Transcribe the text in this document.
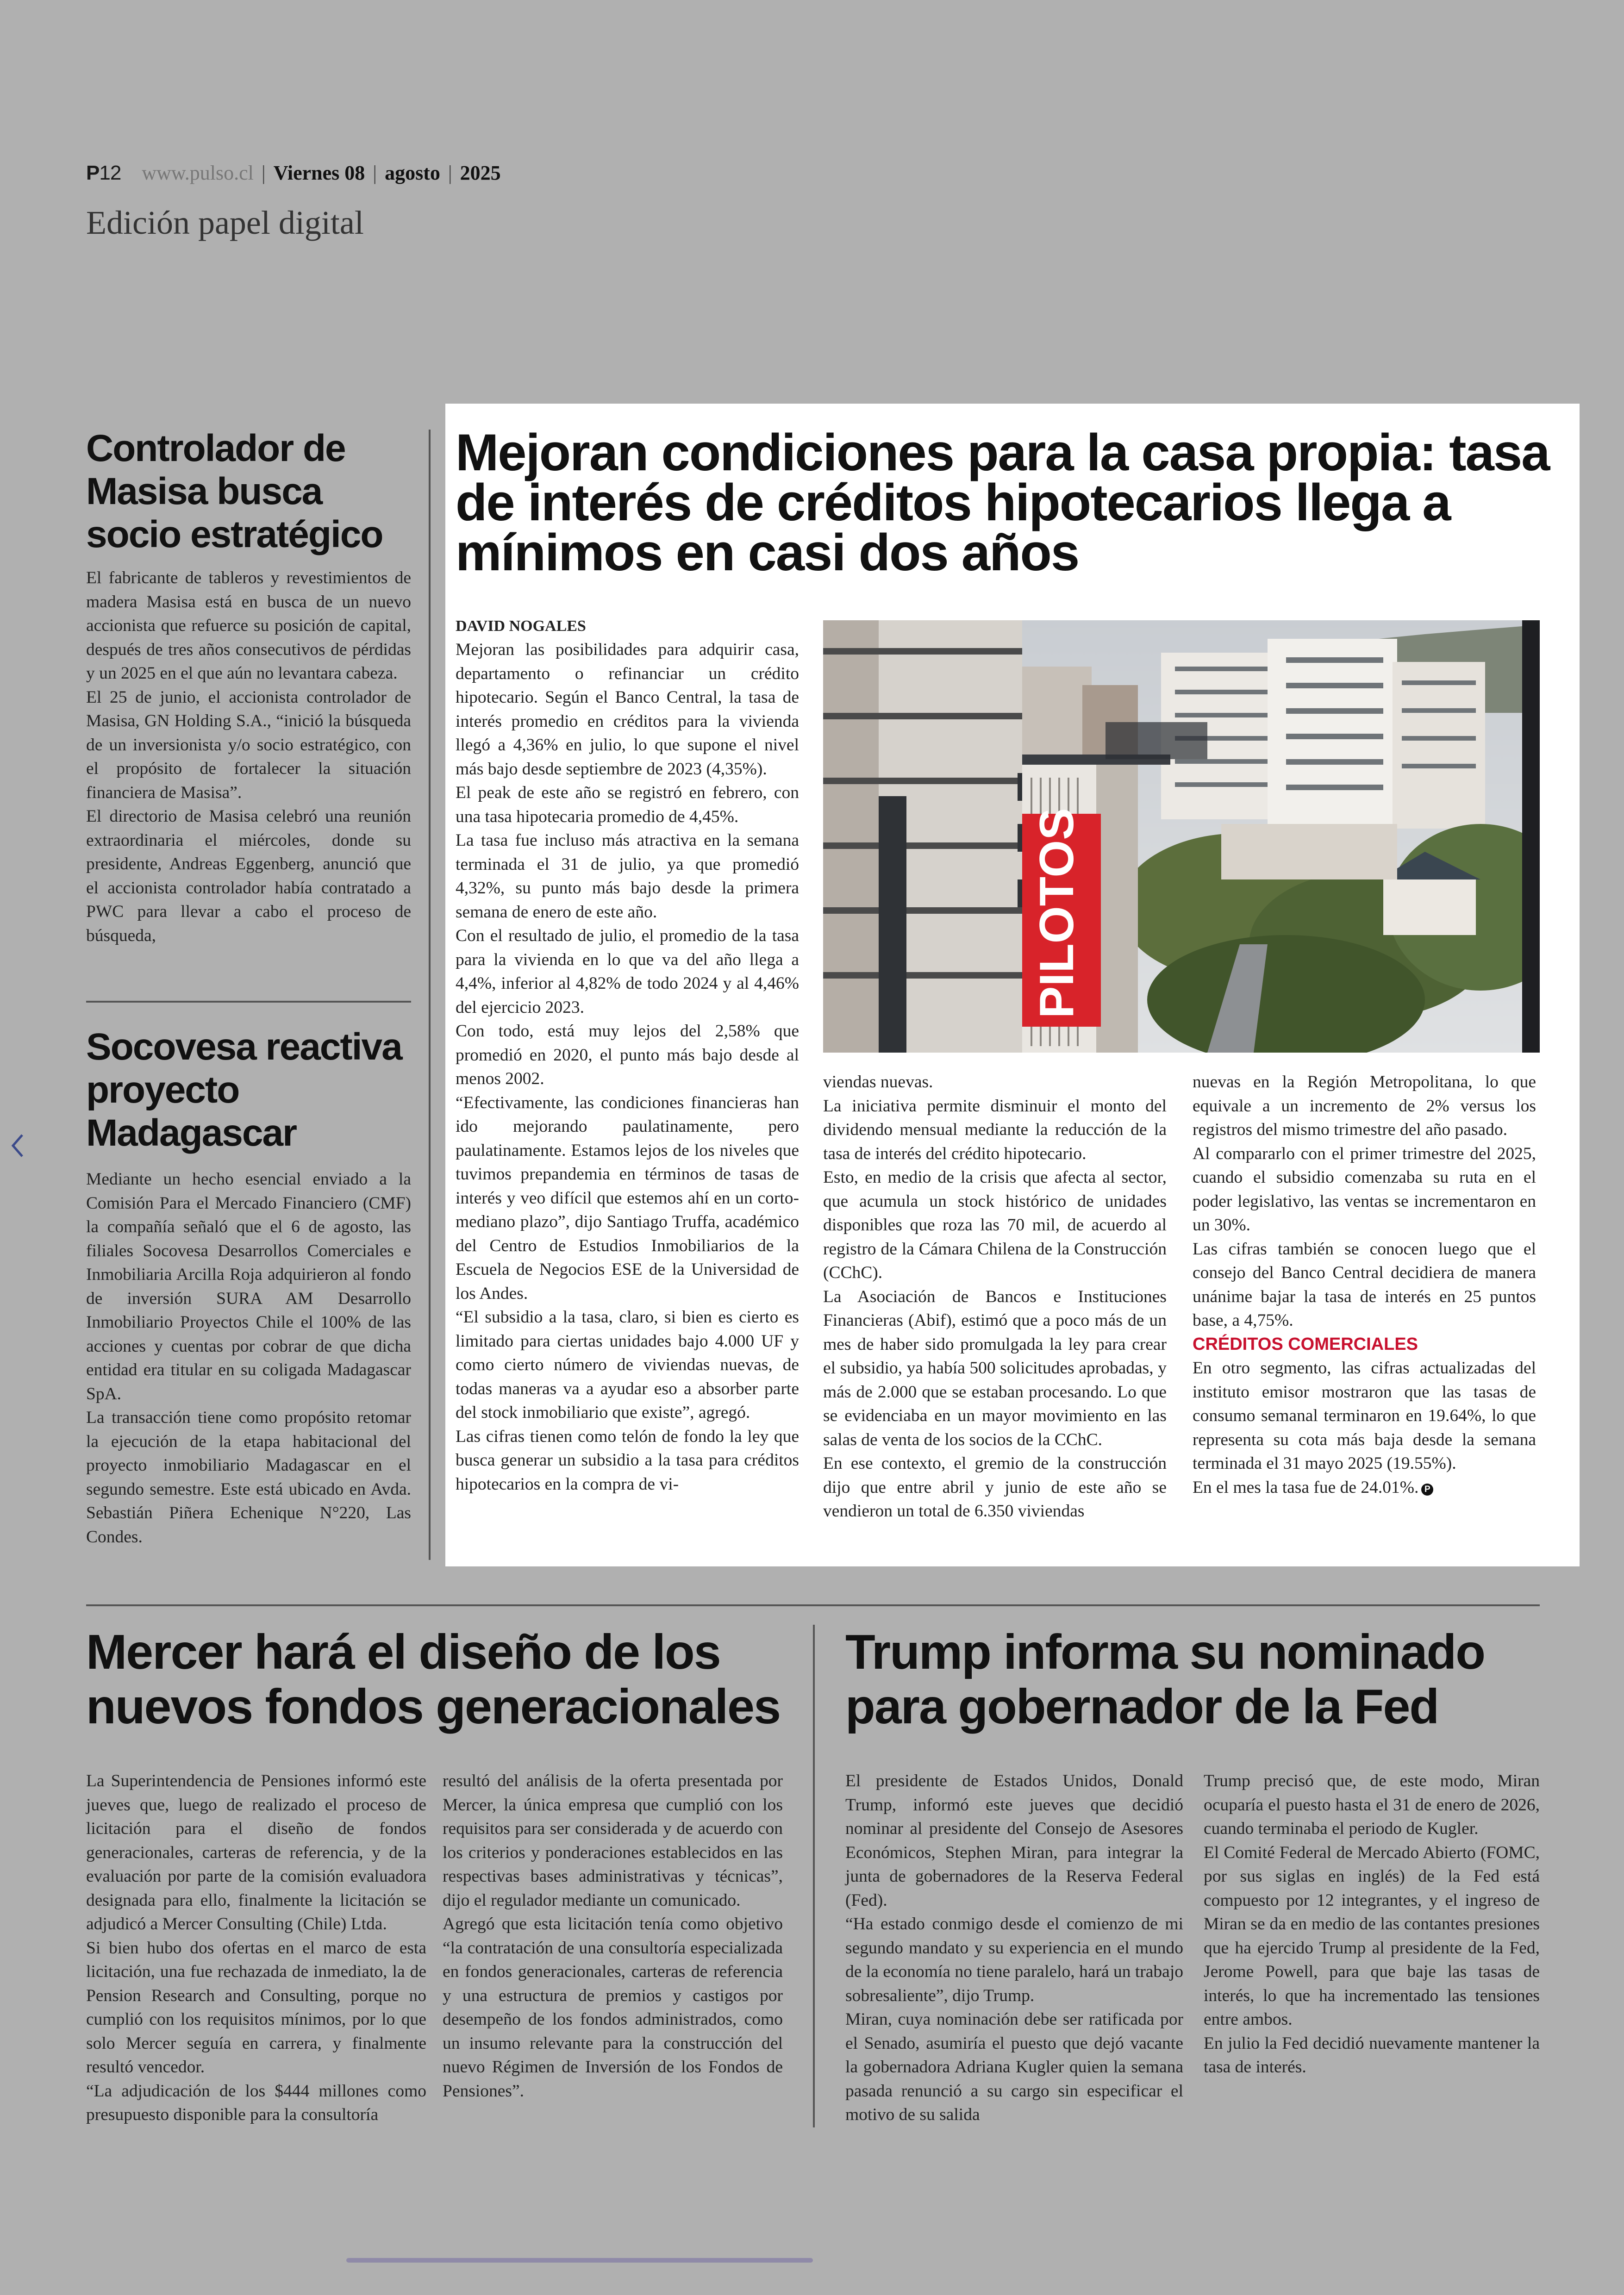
P12 www.pulso.cl | Viernes 08 | agosto | 2025
Edición papel digital
Controlador de Masisa busca socio estratégico

El fabricante de tableros y revestimientos de madera Masisa está en busca de un nuevo accionista que refuerce su posición de capital, después de tres años consecutivos de pérdidas y un 2025 en el que aún no levantara cabeza.

El 25 de junio, el accionista controlador de Masisa, GN Holding S.A., “inició la búsqueda de un inversionista y/o socio estratégico, con el propósito de fortalecer la situación financiera de Masisa”.

El directorio de Masisa celebró una reunión extraordinaria el miércoles, donde su presidente, Andreas Eggenberg, anunció que el accionista controlador había contratado a PWC para llevar a cabo el proceso de búsqueda,

Socovesa reactiva proyecto Madagascar

Mediante un hecho esencial enviado a la Comisión Para el Mercado Financiero (CMF) la compañía señaló que el 6 de agosto, las filiales Socovesa Desarrollos Comerciales e Inmobiliaria Arcilla Roja adquirieron al fondo de inversión SURA AM Desarrollo Inmobiliario Proyectos Chile el 100% de las acciones y cuentas por cobrar de que dicha entidad era titular en su coligada Madagascar SpA.

La transacción tiene como propósito retomar la ejecución de la etapa habitacional del proyecto inmobiliario Madagascar en el segundo semestre. Este está ubicado en Avda. Sebastián Piñera Echenique N°220, Las Condes.

Mejoran condiciones para la casa propia: tasa de interés de créditos hipotecarios llega a mínimos en casi dos años
DAVID NOGALES

Mejoran las posibilidades para adquirir casa, departamento o refinanciar un crédito hipotecario. Según el Banco Central, la tasa de interés promedio en créditos para la vivienda llegó a 4,36% en julio, lo que supone el nivel más bajo desde septiembre de 2023 (4,35%).

El peak de este año se registró en febrero, con una tasa hipotecaria promedio de 4,45%.

La tasa fue incluso más atractiva en la semana terminada el 31 de julio, ya que promedió 4,32%, su punto más bajo desde la primera semana de enero de este año.

Con el resultado de julio, el promedio de la tasa para la vivienda en lo que va del año llega a 4,4%, inferior al 4,82% de todo 2024 y al 4,46% del ejercicio 2023.

Con todo, está muy lejos del 2,58% que promedió en 2020, el punto más bajo desde al menos 2002.

“Efectivamente, las condiciones financieras han ido mejorando paulatinamente, pero paulatinamente. Estamos lejos de los niveles que tuvimos prepandemia en términos de tasas de interés y veo difícil que estemos ahí en un corto-mediano plazo”, dijo Santiago Truffa, académico del Centro de Estudios Inmobiliarios de la Escuela de Negocios ESE de la Universidad de los Andes.

“El subsidio a la tasa, claro, si bien es cierto es limitado para ciertas unidades bajo 4.000 UF y como cierto número de viviendas nuevas, de todas maneras va a ayudar eso a absorber parte del stock inmobiliario que existe”, agregó.

Las cifras tienen como telón de fondo la ley que busca generar un subsidio a la tasa para créditos hipotecarios en la compra de vi-

PILOTOS

viendas nuevas.

La iniciativa permite disminuir el monto del dividendo mensual mediante la reducción de la tasa de interés del crédito hipotecario.

Esto, en medio de la crisis que afecta al sector, que acumula un stock histórico de unidades disponibles que roza las 70 mil, de acuerdo al registro de la Cámara Chilena de la Construcción (CChC).

La Asociación de Bancos e Instituciones Financieras (Abif), estimó que a poco más de un mes de haber sido promulgada la ley para crear el subsidio, ya había 500 solicitudes aprobadas, y más de 2.000 que se estaban procesando. Lo que se evidenciaba en un mayor movimiento en las salas de venta de los socios de la CChC.

En ese contexto, el gremio de la construcción dijo que entre abril y junio de este año se vendieron un total de 6.350 viviendas

nuevas en la Región Metropolitana, lo que equivale a un incremento de 2% versus los registros del mismo trimestre del año pasado.

Al compararlo con el primer trimestre del 2025, cuando el subsidio comenzaba su ruta en el poder legislativo, las ventas se incrementaron en un 30%.

Las cifras también se conocen luego que el consejo del Banco Central decidiera de manera unánime bajar la tasa de interés en 25 puntos base, a 4,75%.

CRÉDITOS COMERCIALES

En otro segmento, las cifras actualizadas del instituto emisor mostraron que las tasas de consumo semanal terminaron en 19.64%, lo que representa su cota más baja desde la semana terminada el 31 mayo 2025 (19.55%).

En el mes la tasa fue de 24.01%. P

Mercer hará el diseño de los nuevos fondos generacionales

La Superintendencia de Pensiones informó este jueves que, luego de realizado el proceso de licitación para el diseño de fondos generacionales, carteras de referencia, y de la evaluación por parte de la comisión evaluadora designada para ello, finalmente la licitación se adjudicó a Mercer Consulting (Chile) Ltda.

Si bien hubo dos ofertas en el marco de esta licitación, una fue rechazada de inmediato, la de Pension Research and Consulting, porque no cumplió con los requisitos mínimos, por lo que solo Mercer seguía en carrera, y finalmente resultó vencedor.

“La adjudicación de los $444 millones como presupuesto disponible para la consultoría

resultó del análisis de la oferta presentada por Mercer, la única empresa que cumplió con los requisitos para ser considerada y de acuerdo con los criterios y ponderaciones establecidos en las respectivas bases administrativas y técnicas”, dijo el regulador mediante un comunicado.

Agregó que esta licitación tenía como objetivo “la contratación de una consultoría especializada en fondos generacionales, carteras de referencia y una estructura de premios y castigos por desempeño de los fondos administrados, como un insumo relevante para la construcción del nuevo Régimen de Inversión de los Fondos de Pensiones”.

Trump informa su nominado para gobernador de la Fed

El presidente de Estados Unidos, Donald Trump, informó este jueves que decidió nominar al presidente del Consejo de Asesores Económicos, Stephen Miran, para integrar la junta de gobernadores de la Reserva Federal (Fed).

“Ha estado conmigo desde el comienzo de mi segundo mandato y su experiencia en el mundo de la economía no tiene paralelo, hará un trabajo sobresaliente”, dijo Trump.

Miran, cuya nominación debe ser ratificada por el Senado, asumiría el puesto que dejó vacante la gobernadora Adriana Kugler quien la semana pasada renunció a su cargo sin especificar el motivo de su salida

Trump precisó que, de este modo, Miran ocuparía el puesto hasta el 31 de enero de 2026, cuando terminaba el periodo de Kugler.

El Comité Federal de Mercado Abierto (FOMC, por sus siglas en inglés) de la Fed está compuesto por 12 integrantes, y el ingreso de Miran se da en medio de las contantes presiones que ha ejercido Trump al presidente de la Fed, Jerome Powell, para que baje las tasas de interés, lo que ha incrementado las tensiones entre ambos.

En julio la Fed decidió nuevamente mantener la tasa de interés.
